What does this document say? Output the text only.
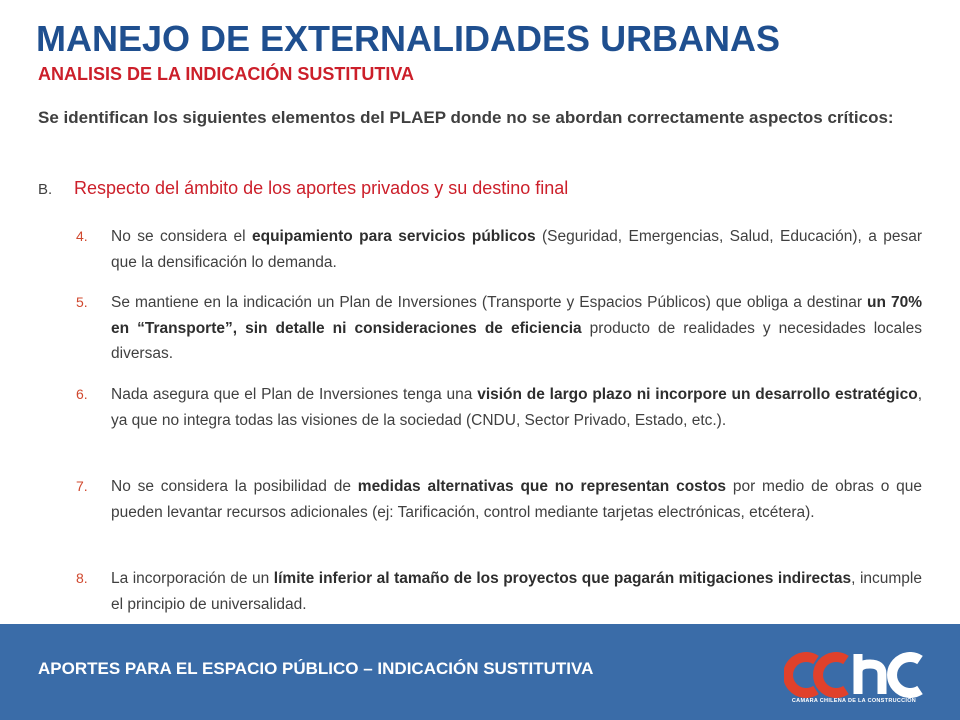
MANEJO DE EXTERNALIDADES URBANAS
ANALISIS DE LA INDICACIÓN SUSTITUTIVA
Se identifican los siguientes elementos del PLAEP donde no se abordan correctamente aspectos críticos:
B. Respecto del ámbito de los aportes privados y su destino final
4.	No se considera el equipamiento para servicios públicos (Seguridad, Emergencias, Salud, Educación), a pesar que la densificación lo demanda.
5.	Se mantiene en la indicación un Plan de Inversiones (Transporte y Espacios Públicos) que obliga a destinar un 70% en “Transporte”, sin detalle ni consideraciones de eficiencia producto de realidades y necesidades locales diversas.
6.	Nada asegura que el Plan de Inversiones tenga una visión de largo plazo ni incorpore un desarrollo estratégico, ya que no integra todas las visiones de la sociedad (CNDU, Sector Privado, Estado, etc.).
7.	No se considera la posibilidad de medidas alternativas que no representan costos por medio de obras o que pueden levantar recursos adicionales (ej: Tarificación, control mediante tarjetas electrónicas, etcétera).
8.	La incorporación de un límite inferior al tamaño de los proyectos que pagarán mitigaciones indirectas, incumple el principio de universalidad.
APORTES PARA EL ESPACIO PÚBLICO – INDICACIÓN SUSTITUTIVA
CAMARA CHILENA DE LA CONSTRUCCION
